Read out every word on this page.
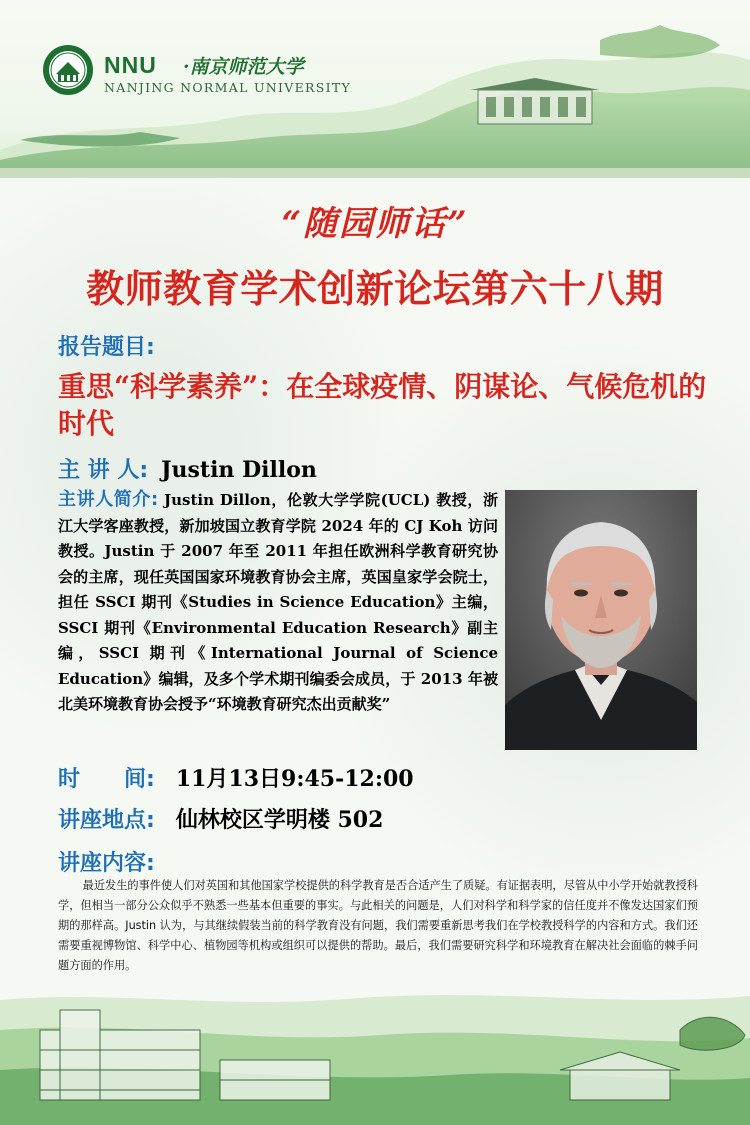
NNU ·南京师范大学
NANJING NORMAL UNIVERSITY
“随园师话”
教师教育学术创新论坛第六十八期
报告题目:
重思“科学素养”：在全球疫情、阴谋论、气候危机的时代
主 讲 人: Justin Dillon
主讲人简介: Justin Dillon，伦敦大学学院(UCL) 教授，浙江大学客座教授，新加坡国立教育学院 2024 年的 CJ Koh 访问教授。Justin 于 2007 年至 2011 年担任欧洲科学教育研究协会的主席，现任英国国家环境教育协会主席，英国皇家学会院士，担任 SSCI 期刊《Studies in Science Education》主编，SSCI 期刊《Environmental Education Research》副主编，SSCI 期刊《International Journal of Science Education》编辑，及多个学术期刊编委会成员，于 2013 年被北美环境教育协会授予“环境教育研究杰出贡献奖”
时　　间: 11月13日9:45-12:00
讲座地点: 仙林校区学明楼 502
讲座内容:
最近发生的事件使人们对英国和其他国家学校提供的科学教育是否合适产生了质疑。有证据表明，尽管从中小学开始就教授科学，但相当一部分公众似乎不熟悉一些基本但重要的事实。与此相关的问题是，人们对科学和科学家的信任度并不像发达国家们预期的那样高。Justin 认为，与其继续假装当前的科学教育没有问题，我们需要重新思考我们在学校教授科学的内容和方式。我们还需要重视博物馆、科学中心、植物园等机构或组织可以提供的帮助。最后，我们需要研究科学和环境教育在解决社会面临的棘手问题方面的作用。
